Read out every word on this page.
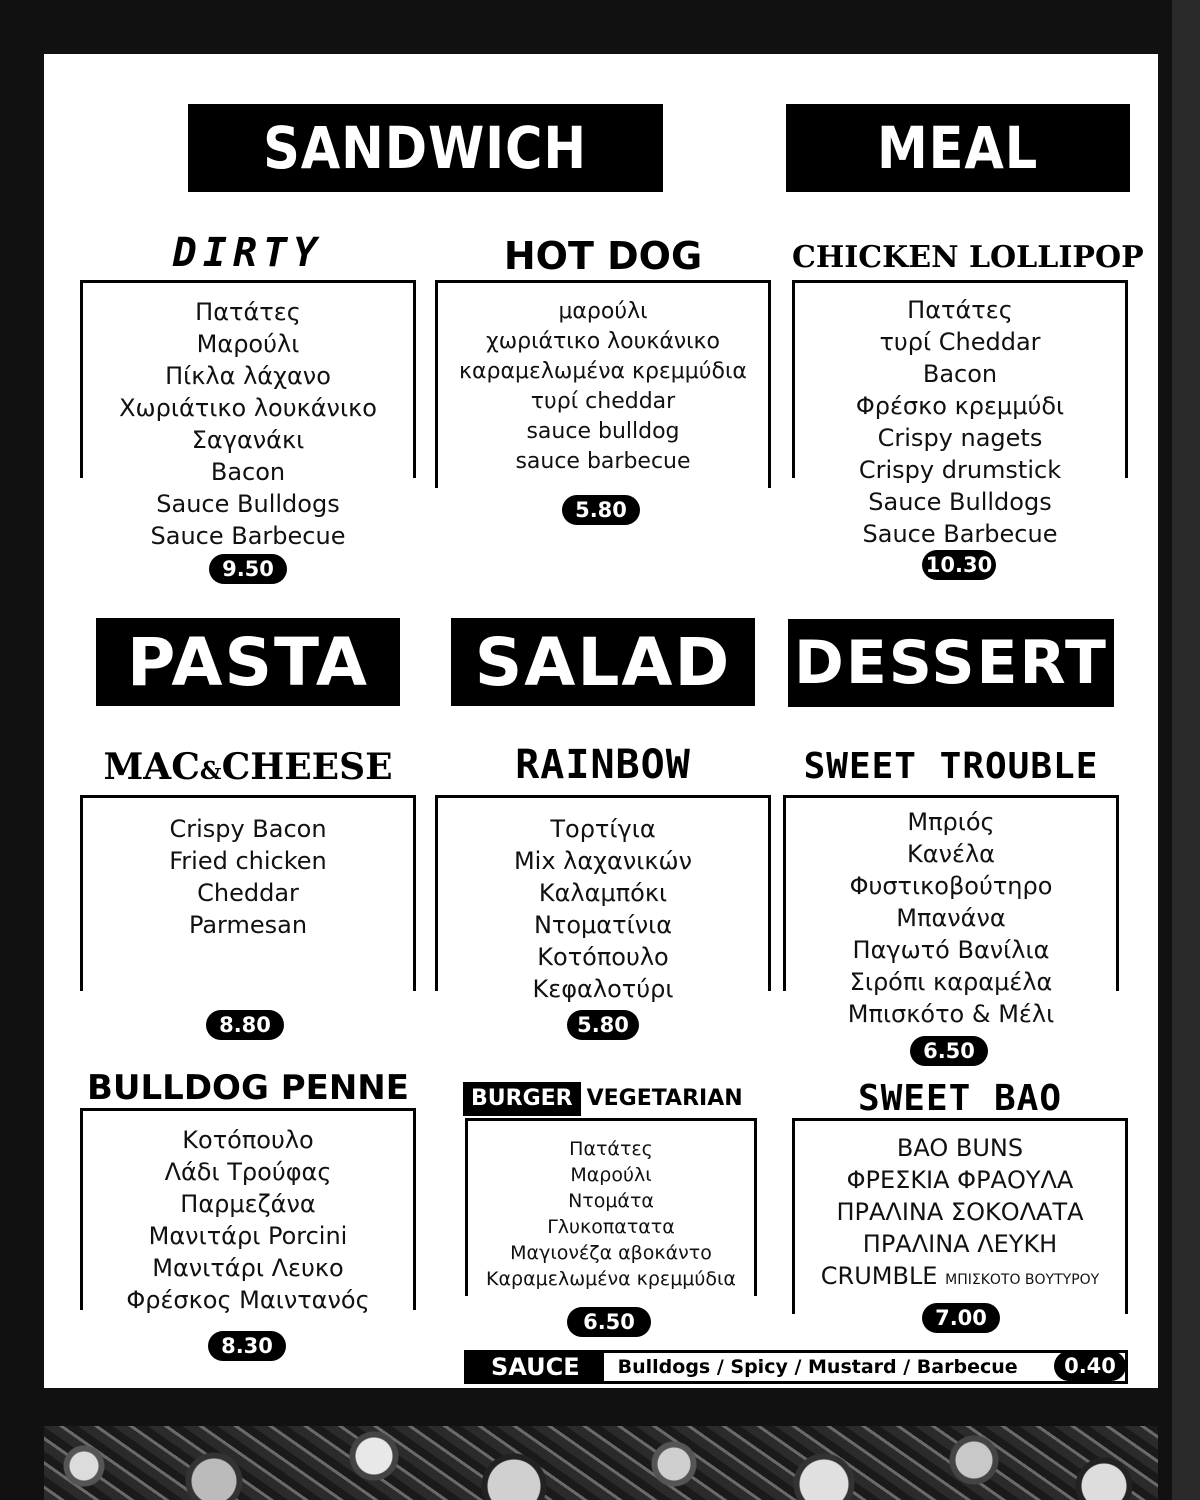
SANDWICH	MEAL
PASTA SALAD DESSERT
DIRTY
Πατάτες
Μαρούλι
Πίκλα λάχανο
Χωριάτικο λουκάνικο
Σαγανάκι
Bacon
Sauce Bulldogs
Sauce Barbecue
9.50
HOT DOG
μαρούλι
χωριάτικο λουκάνικο
καραμελωμένα κρεμμύδια
τυρί cheddar
sauce bulldog
sauce barbecue
5.80
CHICKEN LOLLIPOP
Πατάτες
τυρί Cheddar
Bacon
Φρέσκο κρεμμύδι
Crispy nagets
Crispy drumstick
Sauce Bulldogs
Sauce Barbecue
10.30
MAC&CHEESE
Crispy Bacon
Fried chicken
Cheddar
Parmesan
8.80
RAINBOW
Τορτίγια
Mix λαχανικών
Καλαμπόκι
Ντοματίνια
Κοτόπουλο
Κεφαλοτύρι
5.80
SWEET TROUBLE
Μπριός
Κανέλα
Φυστικοβούτηρο
Μπανάνα
Παγωτό Βανίλια
Σιρόπι καραμέλα
Μπισκότο & Μέλι
6.50
BULLDOG PENNE
Κοτόπουλο
Λάδι Τρούφας
Παρμεζάνα
Μανιτάρι Porcini
Μανιτάρι Λευκο
Φρέσκος Μαιντανός
8.30
BURGER VEGETARIAN
Πατάτες
Μαρούλι
Ντομάτα
Γλυκοπατατα
Μαγιονέζα αβοκάντο
Καραμελωμένα κρεμμύδια
6.50
SWEET BAO
BAO BUNS
ΦΡΕΣΚΙΑ ΦΡΑΟΥΛΑ
ΠΡΑΛΙΝΑ ΣΟΚΟΛΑΤΑ
ΠΡΑΛΙΝΑ ΛΕΥΚΗ
CRUMBLE ΜΠΙΣΚΟΤΟ ΒΟΥΤΥΡΟΥ
7.00
SAUCE	Bulldogs / Spicy / Mustard / Barbecue	0.40
